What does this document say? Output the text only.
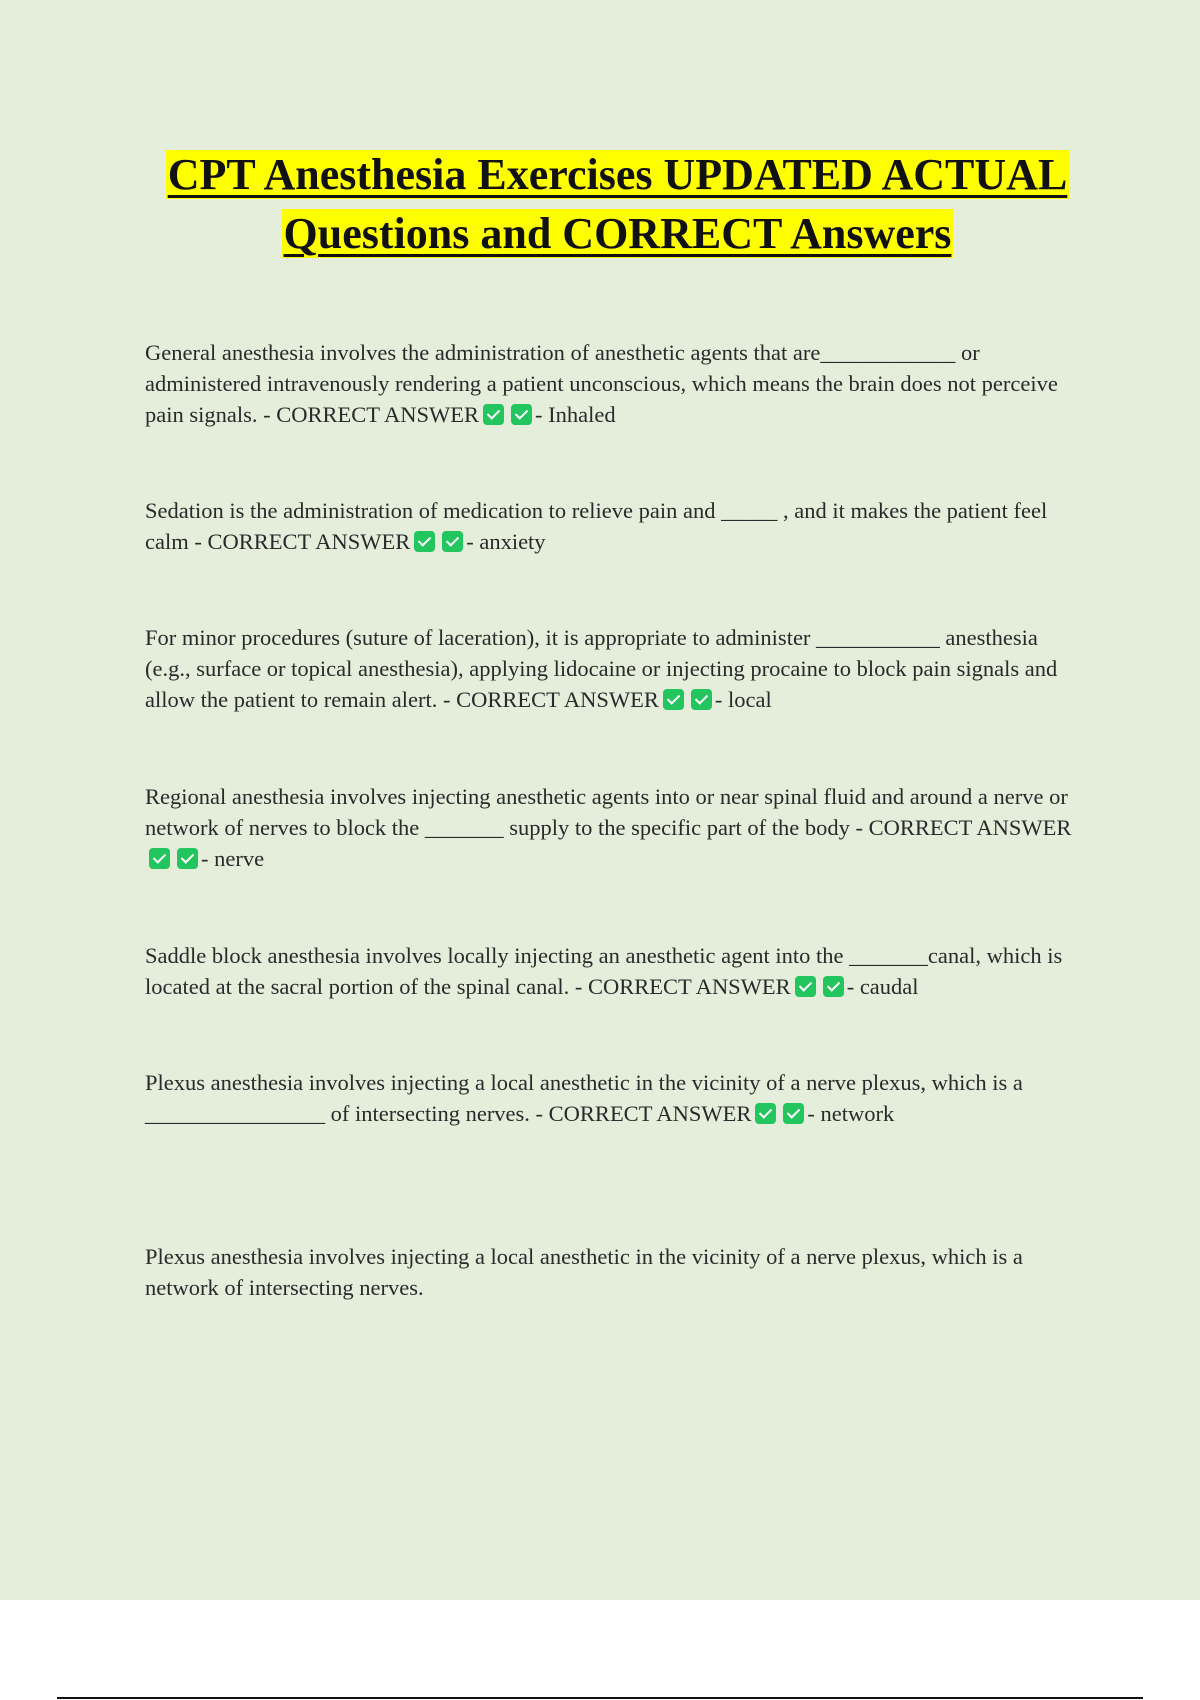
CPT Anesthesia Exercises UPDATED ACTUAL Questions and CORRECT Answers

General anesthesia involves the administration of anesthetic agents that are____________ or administered intravenously rendering a patient unconscious, which means the brain does not perceive pain signals. - CORRECT ANSWER - Inhaled

Sedation is the administration of medication to relieve pain and _____ , and it makes the patient feel calm - CORRECT ANSWER - anxiety

For minor procedures (suture of laceration), it is appropriate to administer ___________ anesthesia (e.g., surface or topical anesthesia), applying lidocaine or injecting procaine to block pain signals and allow the patient to remain alert. - CORRECT ANSWER - local

Regional anesthesia involves injecting anesthetic agents into or near spinal fluid and around a nerve or network of nerves to block the _______ supply to the specific part of the body - CORRECT ANSWER- nerve

Saddle block anesthesia involves locally injecting an anesthetic agent into the _______canal, which is located at the sacral portion of the spinal canal. - CORRECT ANSWER - caudal

Plexus anesthesia involves injecting a local anesthetic in the vicinity of a nerve plexus, which is a ________________ of intersecting nerves. - CORRECT ANSWER - network

Plexus anesthesia involves injecting a local anesthetic in the vicinity of a nerve plexus, which is a network of intersecting nerves.
